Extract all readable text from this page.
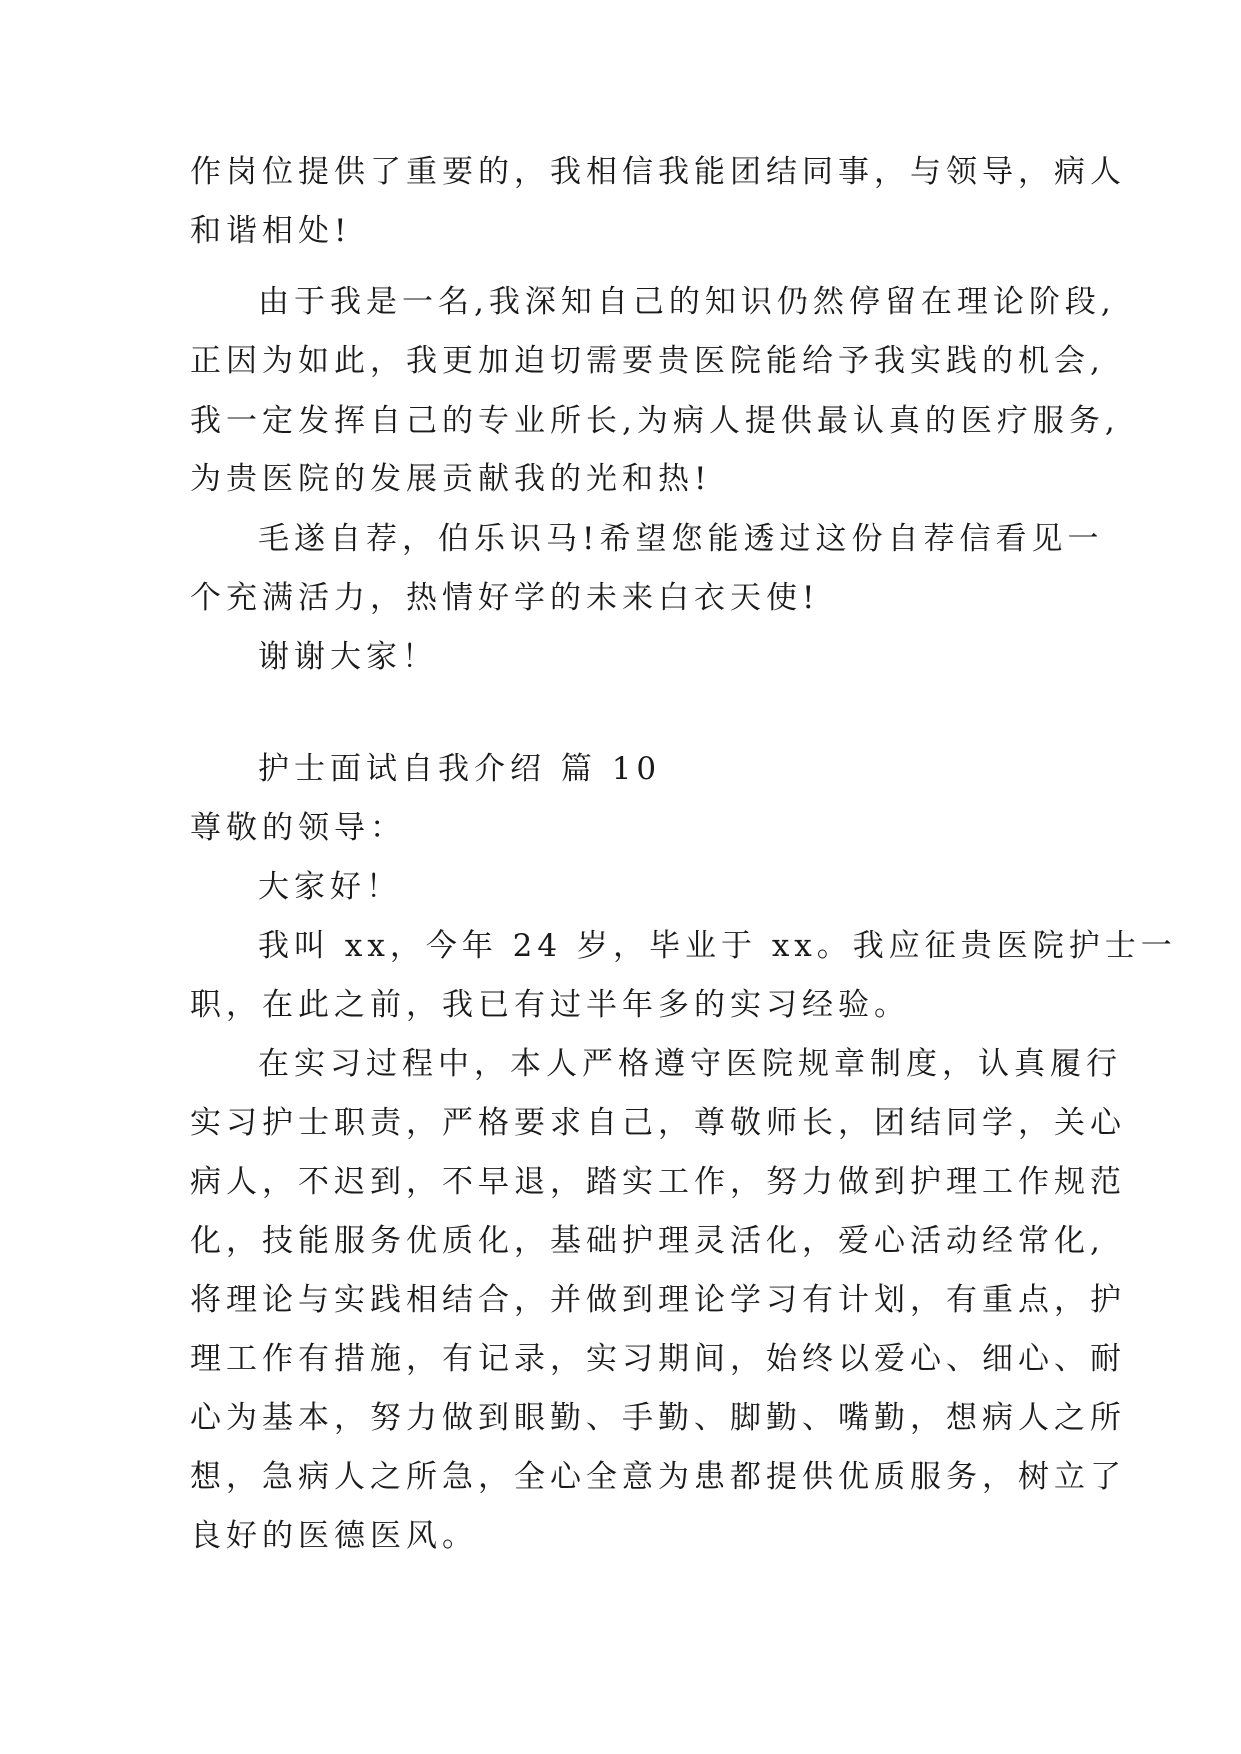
作岗位提供了重要的，我相信我能团结同事，与领导，病人
和谐相处!
由于我是一名,我深知自己的知识仍然停留在理论阶段,
正因为如此，我更加迫切需要贵医院能给予我实践的机会,
我一定发挥自己的专业所长,为病人提供最认真的医疗服务,
为贵医院的发展贡献我的光和热!
毛遂自荐，伯乐识马!希望您能透过这份自荐信看见一
个充满活力，热情好学的未来白衣天使!
谢谢大家！
护士面试自我介绍 篇 10
尊敬的领导：
大家好！
我叫 xx，今年 24 岁，毕业于 xx。我应征贵医院护士一
职，在此之前，我已有过半年多的实习经验。
在实习过程中，本人严格遵守医院规章制度，认真履行
实习护士职责，严格要求自己，尊敬师长，团结同学，关心
病人，不迟到，不早退，踏实工作，努力做到护理工作规范
化，技能服务优质化，基础护理灵活化，爱心活动经常化,
将理论与实践相结合，并做到理论学习有计划，有重点，护
理工作有措施，有记录，实习期间，始终以爱心、细心、耐
心为基本，努力做到眼勤、手勤、脚勤、嘴勤，想病人之所
想，急病人之所急，全心全意为患都提供优质服务，树立了
良好的医德医风。
